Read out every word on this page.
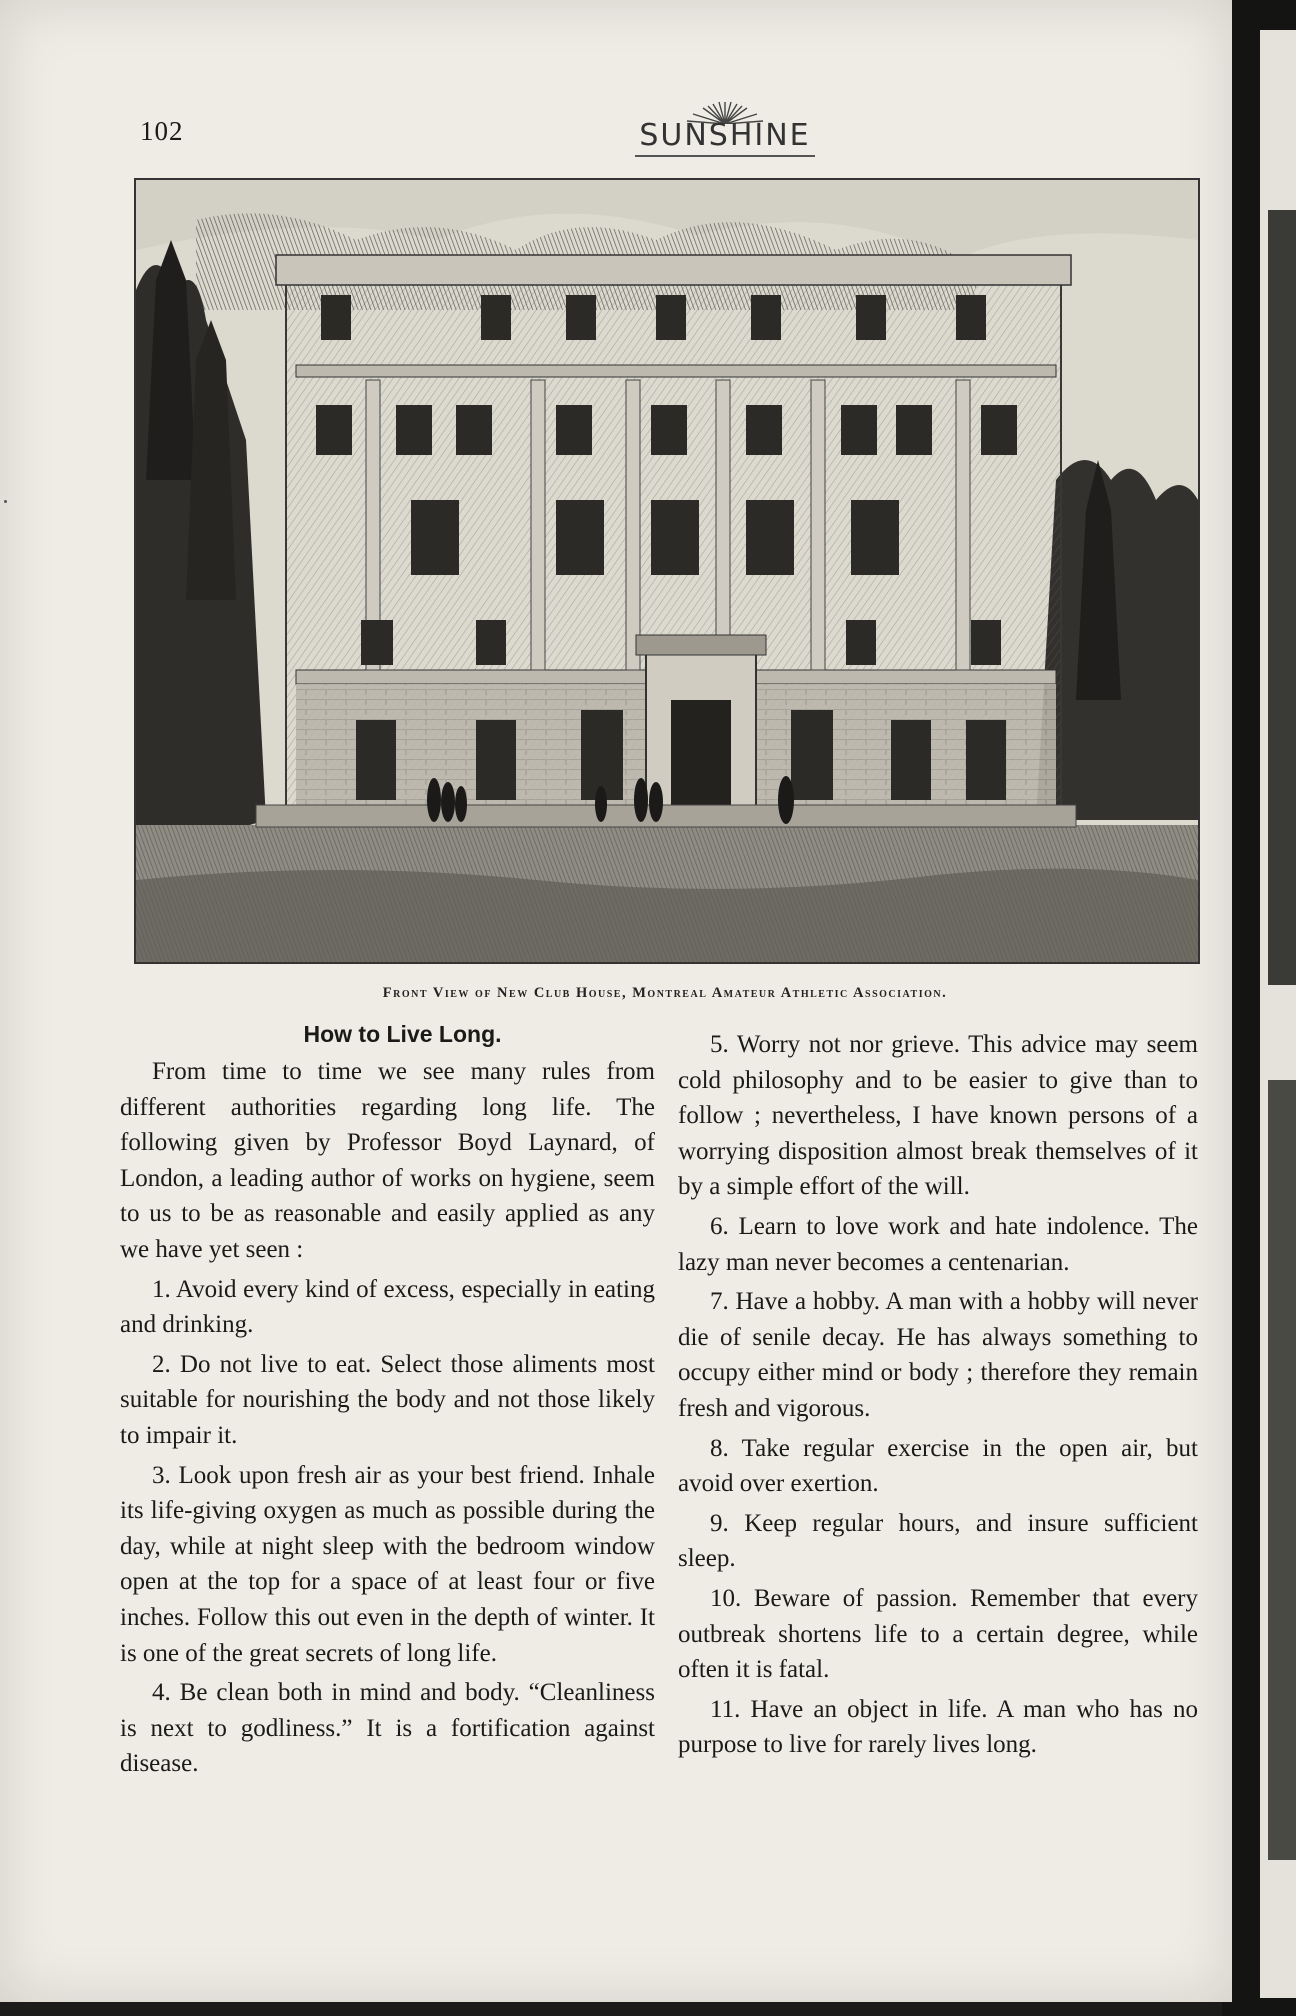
102	SUNSHINE
Front View of New Club House, Montreal Amateur Athletic Association.
How to Live Long.

From time to time we see many rules from different authorities regarding long life. The following given by Professor Boyd Laynard, of London, a leading author of works on hygiene, seem to us to be as reasonable and easily applied as any we have yet seen :

1. Avoid every kind of excess, especially in eating and drinking.

2. Do not live to eat. Select those aliments most suitable for nourishing the body and not those likely to impair it.

3. Look upon fresh air as your best friend. Inhale its life-giving oxygen as much as possible during the day, while at night sleep with the bedroom window open at the top for a space of at least four or five inches. Follow this out even in the depth of winter. It is one of the great secrets of long life.

4. Be clean both in mind and body. “Cleanliness is next to godliness.” It is a fortification against disease.

5. Worry not nor grieve. This advice may seem cold philosophy and to be easier to give than to follow ; nevertheless, I have known persons of a worrying disposition almost break themselves of it by a simple effort of the will.

6. Learn to love work and hate indolence. The lazy man never becomes a centenarian.

7. Have a hobby. A man with a hobby will never die of senile decay. He has always something to occupy either mind or body ; therefore they remain fresh and vigorous.

8. Take regular exercise in the open air, but avoid over exertion.

9. Keep regular hours, and insure sufficient sleep.

10. Beware of passion. Remember that every outbreak shortens life to a certain degree, while often it is fatal.

11. Have an object in life. A man who has no purpose to live for rarely lives long.
